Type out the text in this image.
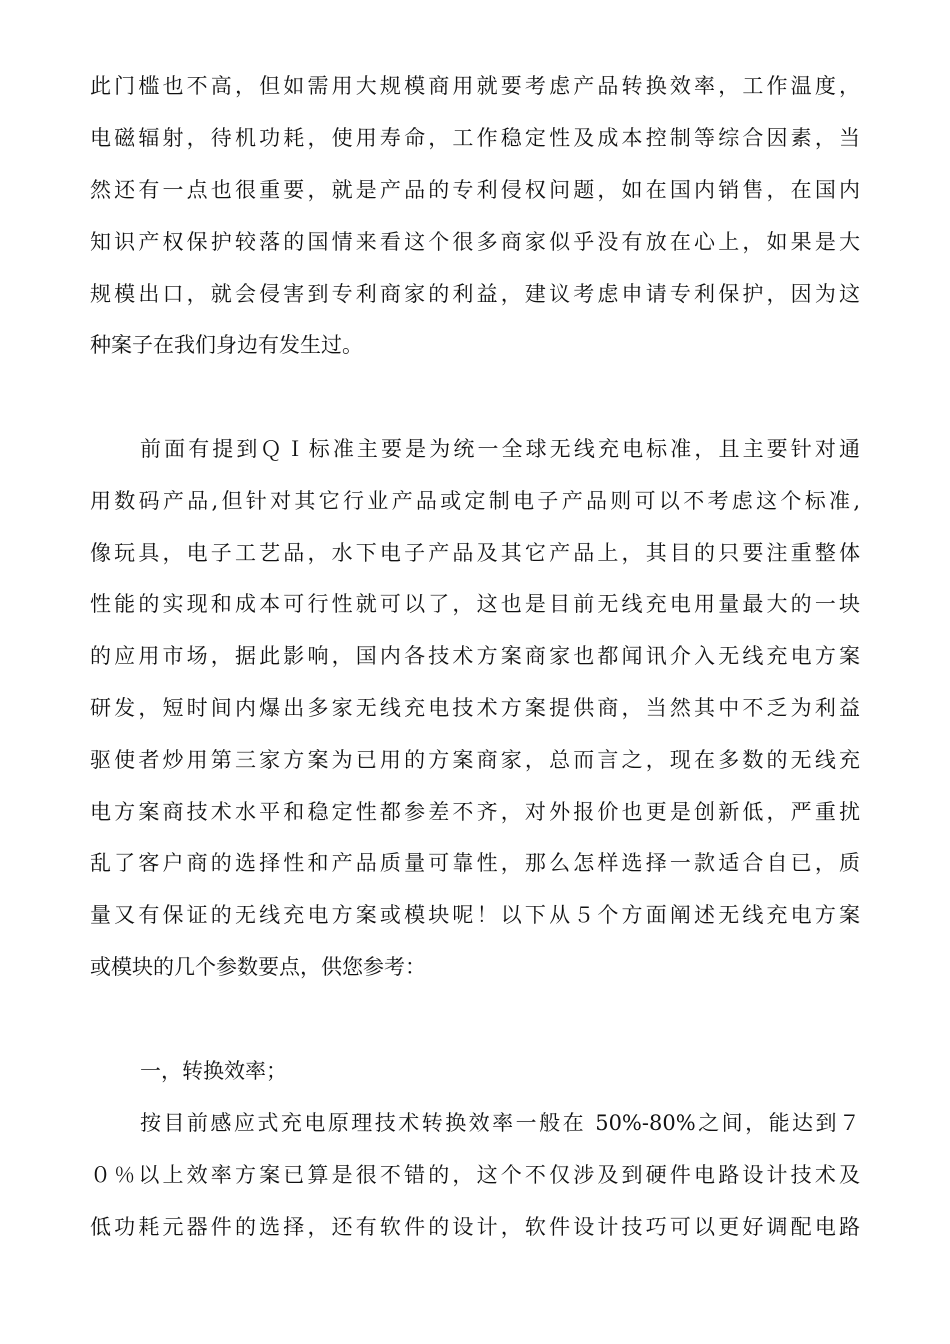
此门槛也不高，但如需用大规模商用就要考虑产品转换效率，工作温度，
电磁辐射，待机功耗，使用寿命，工作稳定性及成本控制等综合因素，当
然还有一点也很重要，就是产品的专利侵权问题，如在国内销售，在国内
知识产权保护较落的国情来看这个很多商家似乎没有放在心上，如果是大
规模出口，就会侵害到专利商家的利益，建议考虑申请专利保护，因为这
种案子在我们身边有发生过。
前面有提到ＱＩ标准主要是为统一全球无线充电标准，且主要针对通
用数码产品,但针对其它行业产品或定制电子产品则可以不考虑这个标准,
像玩具，电子工艺品，水下电子产品及其它产品上，其目的只要注重整体
性能的实现和成本可行性就可以了，这也是目前无线充电用量最大的一块
的应用市场，据此影响，国内各技术方案商家也都闻讯介入无线充电方案
研发，短时间内爆出多家无线充电技术方案提供商，当然其中不乏为利益
驱使者炒用第三家方案为已用的方案商家，总而言之，现在多数的无线充
电方案商技术水平和稳定性都参差不齐，对外报价也更是创新低，严重扰
乱了客户商的选择性和产品质量可靠性，那么怎样选择一款适合自已，质
量又有保证的无线充电方案或模块呢！以下从５个方面阐述无线充电方案
或模块的几个参数要点，供您参考：
一，转换效率；
按目前感应式充电原理技术转换效率一般在 50%-80%之间，能达到７
０％以上效率方案已算是很不错的，这个不仅涉及到硬件电路设计技术及
低功耗元器件的选择，还有软件的设计，软件设计技巧可以更好调配电路
